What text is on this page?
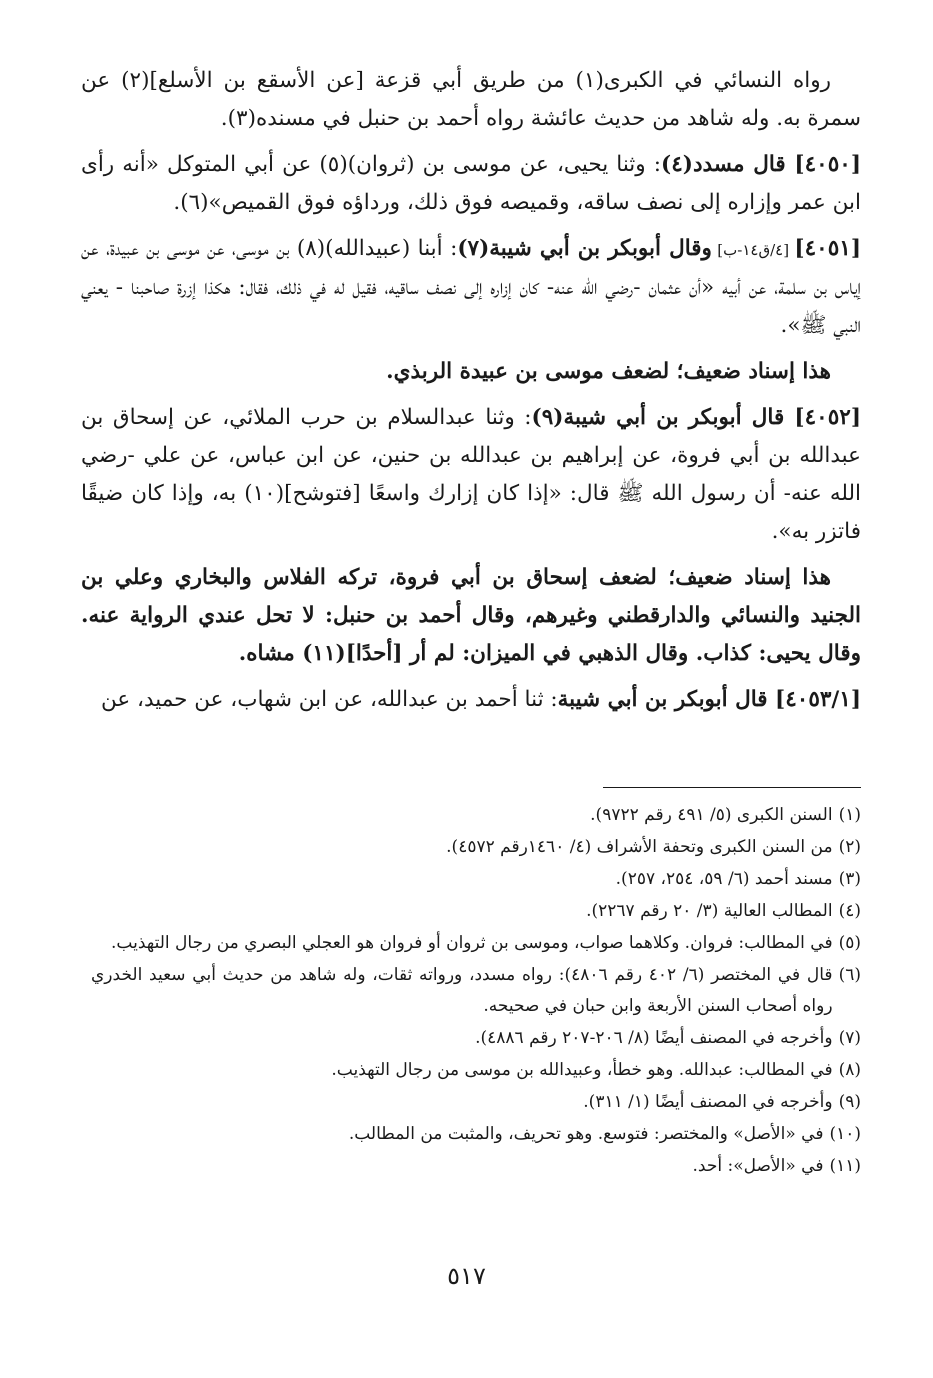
رواه النسائي في الكبرى(١) من طريق أبي قزعة [عن الأسقع بن الأسلع](٢) عن سمرة به. وله شاهد من حديث عائشة رواه أحمد بن حنبل في مسنده(٣).

[٤٠٥٠] قال مسدد(٤): وثنا يحيى، عن موسى بن (ثروان)(٥) عن أبي المتوكل «أنه رأى ابن عمر وإزاره إلى نصف ساقه، وقميصه فوق ذلك، ورداؤه فوق القميص»(٦).

[٤٠٥١] [٤/ق١٤-ب] وقال أبوبكر بن أبي شيبة(٧): أبنا (عبيدالله)(٨) بن موسى، عن موسى بن عبيدة، عن إياس بن سلمة، عن أبيه «أن عثمان -رضي الله عنه- كان إزاره إلى نصف ساقيه، فقيل له في ذلك، فقال: هكذا إزرة صاحبنا - يعني النبي ﷺ».

هذا إسناد ضعيف؛ لضعف موسى بن عبيدة الربذي.

[٤٠٥٢] قال أبوبكر بن أبي شيبة(٩): وثنا عبدالسلام بن حرب الملائي، عن إسحاق بن عبدالله بن أبي فروة، عن إبراهيم بن عبدالله بن حنين، عن ابن عباس، عن علي -رضي الله عنه- أن رسول الله ﷺ قال: «إذا كان إزارك واسعًا [فتوشح](١٠) به، وإذا كان ضيقًا فاتزر به».

هذا إسناد ضعيف؛ لضعف إسحاق بن أبي فروة، تركه الفلاس والبخاري وعلي بن الجنيد والنسائي والدارقطني وغيرهم، وقال أحمد بن حنبل: لا تحل عندي الرواية عنه. وقال يحيى: كذاب. وقال الذهبي في الميزان: لم أر [أحدًا](١١) مشاه.

[٤٠٥٣/١] قال أبوبكر بن أبي شيبة: ثنا أحمد بن عبدالله، عن ابن شهاب، عن حميد، عن

(١)
السنن الكبرى (٥/ ٤٩١ رقم ٩٧٢٢).
(٢)
من السنن الكبرى وتحفة الأشراف (٤/ ١٤٦٠رقم ٤٥٧٢).
(٣)
مسند أحمد (٦/ ٥٩، ٢٥٤، ٢٥٧).
(٤)
المطالب العالية (٣/ ٢٠ رقم ٢٢٦٧).
(٥)
في المطالب: فروان. وكلاهما صواب، وموسى بن ثروان أو فروان هو العجلي البصري من رجال التهذيب.
(٦)
قال في المختصر (٦/ ٤٠٢ رقم ٤٨٠٦): رواه مسدد، ورواته ثقات، وله شاهد من حديث أبي سعيد الخدري رواه أصحاب السنن الأربعة وابن حبان في صحيحه.
(٧)
وأخرجه في المصنف أيضًا (٨/ ٢٠٦-٢٠٧ رقم ٤٨٨٦).
(٨)
في المطالب: عبدالله. وهو خطأ، وعبيدالله بن موسى من رجال التهذيب.
(٩)
وأخرجه في المصنف أيضًا (١/ ٣١١).
(١٠)
في «الأصل» والمختصر: فتوسع. وهو تحريف، والمثبت من المطالب.
(١١)
في «الأصل»: أحد.
٥١٧
